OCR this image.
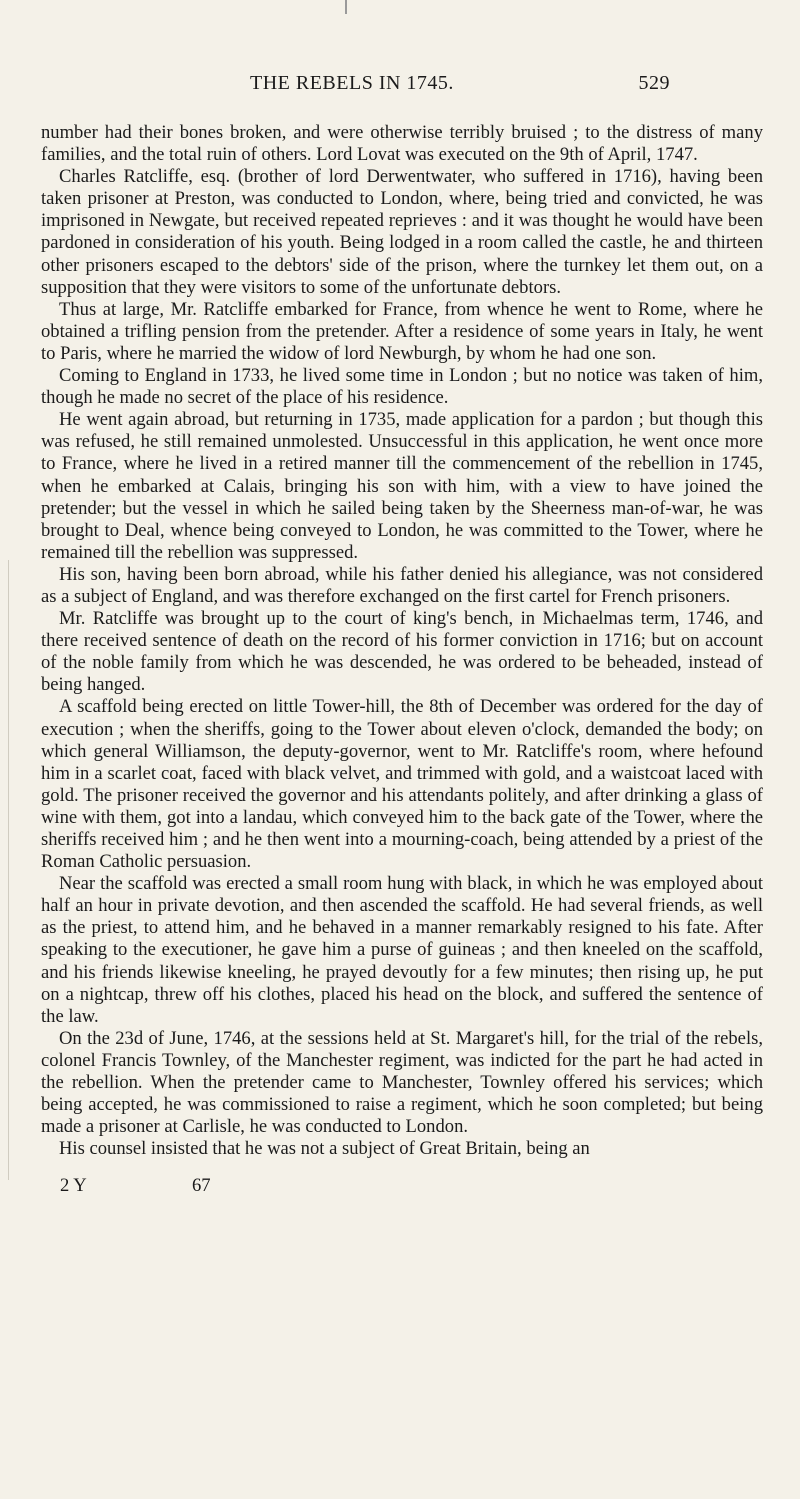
THE REBELS IN 1745.	529

number had their bones broken, and were otherwise terribly bruised ; to the distress of many families, and the total ruin of others. Lord Lovat was executed on the 9th of April, 1747.

Charles Ratcliffe, esq. (brother of lord Derwentwater, who suffered in 1716), having been taken prisoner at Preston, was conducted to London, where, being tried and convicted, he was imprisoned in Newgate, but received repeated reprieves : and it was thought he would have been pardoned in consideration of his youth. Being lodged in a room called the castle, he and thirteen other prisoners escaped to the debtors' side of the prison, where the turnkey let them out, on a supposition that they were visitors to some of the unfortunate debtors.

Thus at large, Mr. Ratcliffe embarked for France, from whence he went to Rome, where he obtained a trifling pension from the pretender. After a residence of some years in Italy, he went to Paris, where he married the widow of lord Newburgh, by whom he had one son.

Coming to England in 1733, he lived some time in London ; but no notice was taken of him, though he made no secret of the place of his residence.

He went again abroad, but returning in 1735, made application for a pardon ; but though this was refused, he still remained unmolested. Unsuccessful in this application, he went once more to France, where he lived in a retired manner till the commencement of the rebellion in 1745, when he embarked at Calais, bringing his son with him, with a view to have joined the pretender; but the vessel in which he sailed being taken by the Sheerness man-of-war, he was brought to Deal, whence being conveyed to London, he was committed to the Tower, where he remained till the rebellion was suppressed.

His son, having been born abroad, while his father denied his allegiance, was not considered as a subject of England, and was therefore exchanged on the first cartel for French prisoners.

Mr. Ratcliffe was brought up to the court of king's bench, in Michaelmas term, 1746, and there received sentence of death on the record of his former conviction in 1716; but on account of the noble family from which he was descended, he was ordered to be beheaded, instead of being hanged.

A scaffold being erected on little Tower-hill, the 8th of December was ordered for the day of execution ; when the sheriffs, going to the Tower about eleven o'clock, demanded the body; on which general Williamson, the deputy-governor, went to Mr. Ratcliffe's room, where hefound him in a scarlet coat, faced with black velvet, and trimmed with gold, and a waistcoat laced with gold. The prisoner received the governor and his attendants politely, and after drinking a glass of wine with them, got into a landau, which conveyed him to the back gate of the Tower, where the sheriffs received him ; and he then went into a mourning-coach, being attended by a priest of the Roman Catholic persuasion.

Near the scaffold was erected a small room hung with black, in which he was employed about half an hour in private devotion, and then ascended the scaffold. He had several friends, as well as the priest, to attend him, and he behaved in a manner remarkably resigned to his fate. After speaking to the executioner, he gave him a purse of guineas ; and then kneeled on the scaffold, and his friends likewise kneeling, he prayed devoutly for a few minutes; then rising up, he put on a nightcap, threw off his clothes, placed his head on the block, and suffered the sentence of the law.

On the 23d of June, 1746, at the sessions held at St. Margaret's hill, for the trial of the rebels, colonel Francis Townley, of the Manchester regiment, was indicted for the part he had acted in the rebellion. When the pretender came to Manchester, Townley offered his services; which being accepted, he was commissioned to raise a regiment, which he soon completed; but being made a prisoner at Carlisle, he was conducted to London.

His counsel insisted that he was not a subject of Great Britain, being an

2 Y	67
